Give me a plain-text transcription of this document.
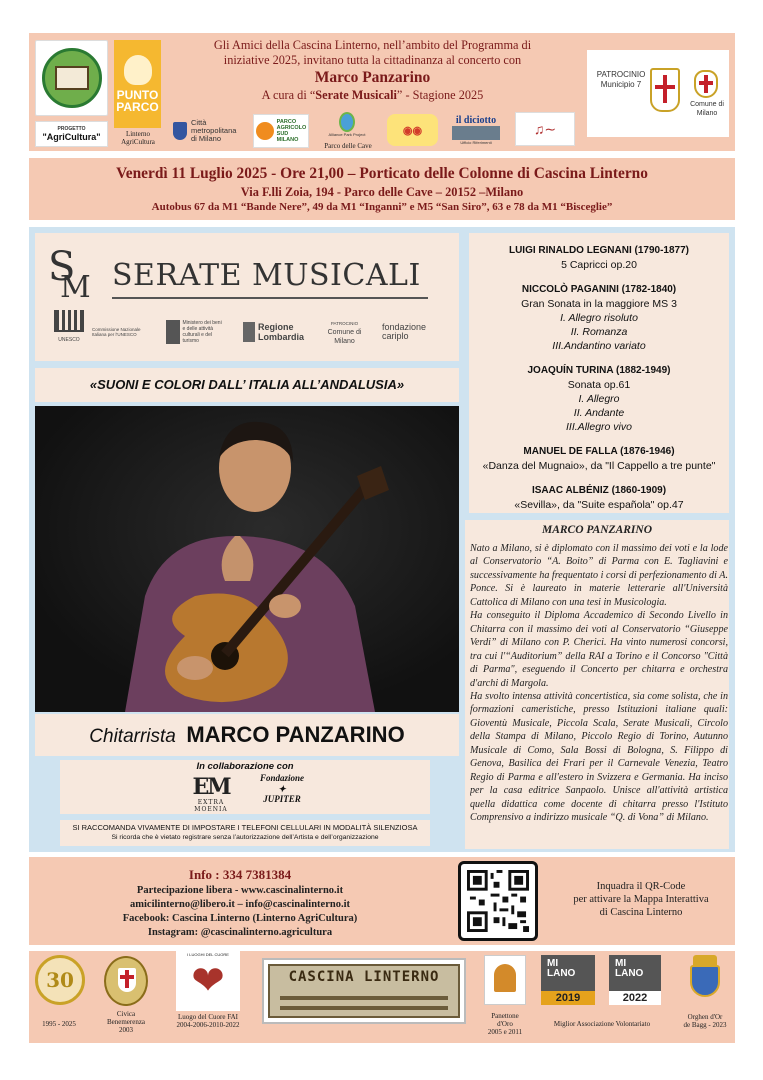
PROGETTO
"AgriCultura"
PUNTO
PARCO
Linterno
AgriCultura
Città
metropolitana
di Milano
PARCO
AGRICOLO
SUD
MILANO
Alliance Park Project
Parco delle Cave
◉◉
il diciotto
Ufficio Riferimenti
♫∼
Gli Amici della Cascina Linterno, nell’ambito del Programma di
iniziative 2025, invitano tutta la cittadinanza al concerto con
Marco Panzarino
A cura di “Serate Musicali” - Stagione 2025
PATROCINIO
Municipio 7
Comune di
Milano
Venerdì 11 Luglio 2025 - Ore 21,00 – Porticato delle Colonne di Cascina Linterno
Via F.lli Zoia, 194 - Parco delle Cave – 20152 –Milano
Autobus 67 da M1 “Bande Nere”, 49 da M1 “Inganni” e M5 “San Siro”, 63 e 78 da M1 “Bisceglie”
S
M SERATE MUSICALI
Commissione Nazionale Italiana per l'UNESCO
Ministero dei beni e delle attività culturali e del turismo
Regione Lombardia
PATROCINIO
Comune di Milano
fondazione cariplo
UNESCO
«SUONI E COLORI DALL’ ITALIA ALL’ANDALUSIA»
Chitarrista MARCO PANZARINO
In collaborazione con
EM
EXTRA MOENIA
Fondazione
✦
JUPITER
SI RACCOMANDA VIVAMENTE DI IMPOSTARE I TELEFONI CELLULARI IN MODALITÀ SILENZIOSA
Si ricorda che è vietato registrare senza l’autorizzazione dell’Artista e dell’organizzazione
LUIGI RINALDO LEGNANI (1790-1877)
5 Capricci op.20
NICCOLÒ PAGANINI (1782-1840)
Gran Sonata in la maggiore MS 3
I. Allegro risoluto
II. Romanza
III.Andantino variato
JOAQUÍN TURINA (1882-1949)
Sonata op.61
I. Allegro
II. Andante
III.Allegro vivo
MANUEL DE FALLA (1876-1946)
«Danza del Mugnaio», da "Il Cappello a tre punte"
ISAAC ALBÉNIZ (1860-1909)
«Sevilla», da "Suite española" op.47
MARCO PANZARINO
Nato a Milano, si è diplomato con il massimo dei voti e la lode al Conservatorio “A. Boito” di Parma con E. Tagliavini e successivamente ha frequentato i corsi di perfezionamento di A. Ponce. Si è laureato in materie letterarie all'Università Cattolica di Milano con una tesi in Musicologia.
Ha conseguito il Diploma Accademico di Secondo Livello in Chitarra con il massimo dei voti al Conservatorio “Giuseppe Verdi” di Milano con P. Cherici. Ha vinto numerosi concorsi, tra cui l'“Auditorium” della RAI a Torino e il Concorso "Città di Parma", eseguendo il Concerto per chitarra e orchestra d'archi di Margola.
Ha svolto intensa attività concertistica, sia come solista, che in formazioni cameristiche, presso Istituzioni italiane quali: Gioventù Musicale, Piccola Scala, Serate Musicali, Circolo della Stampa di Milano, Piccolo Regio di Torino, Autunno Musicale di Como, Sala Bossi di Bologna, S. Filippo di Genova, Basilica dei Frari per il Carnevale Venezia, Teatro Regio di Parma e all'estero in Svizzera e Germania. Ha inciso per la casa editrice Sanpaolo. Unisce all'attività artistica quella didattica come docente di chitarra presso l'Istituto Comprensivo a indirizzo musicale “Q. di Vona” di Milano.
Info : 334 7381384
Partecipazione libera - www.cascinalinterno.it
amicilinterno@libero.it – info@cascinalinterno.it
Facebook: Cascina Linterno (Linterno AgriCultura)
Instagram: @cascinalinterno.agricultura
Inquadra il QR-Code
per attivare la Mappa Interattiva
di Cascina Linterno
30
1995 - 2025
Civica
Benemerenza
2003
I LUOGHI DEL CUORE
❤
Luogo del Cuore FAI
2004-2006-2010-2022
CASCINA LINTERNO
Panettone
d'Oro
2005 e 2011
MI
LANO
2019
MI
LANO
2022
Miglior Associazione Volontariato
Orghen d'Or
de Bagg - 2023
